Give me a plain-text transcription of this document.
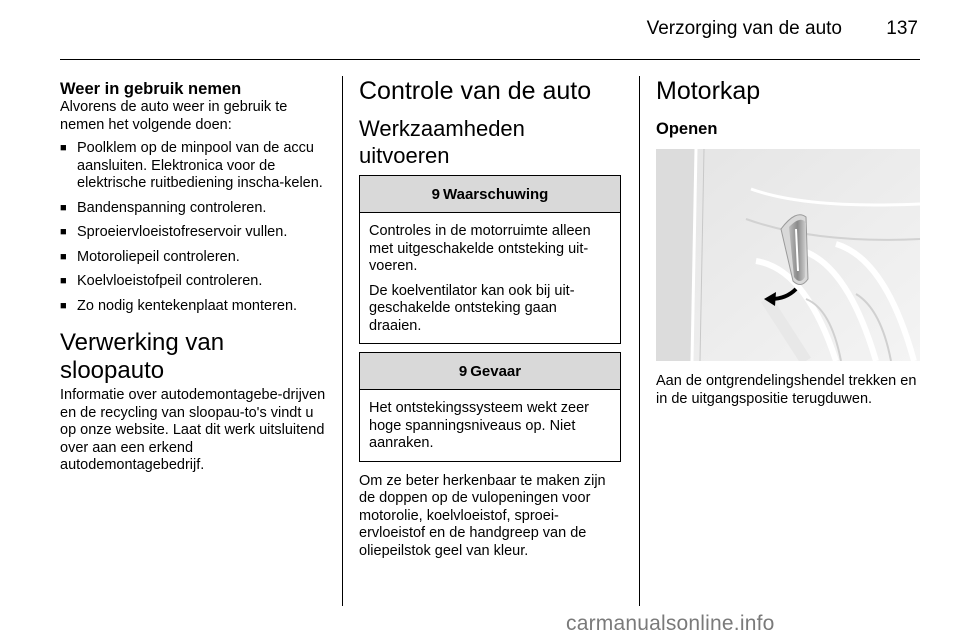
Verzorging van de auto 137
Weer in gebruik nemen

Alvorens de auto weer in gebruik te nemen het volgende doen:

■ Poolklem op de minpool van de accu aansluiten. Elektronica voor de elektrische ruitbediening inscha-kelen.
■ Bandenspanning controleren.
■ Sproeiervloeistofreservoir vullen.
■ Motoroliepeil controleren.
■ Koelvloeistofpeil controleren.
■ Zo nodig kentekenplaat monteren.
Verwerking van sloopauto

Informatie over autodemontagebe-drijven en de recycling van sloopau-to's vindt u op onze website. Laat dit werk uitsluitend over aan een erkend autodemontagebedrijf.

Controle van de auto
Werkzaamheden uitvoeren
9 Waarschuwing

Controles in de motorruimte alleen met uitgeschakelde ontsteking uit-voeren.

De koelventilator kan ook bij uit-geschakelde ontsteking gaan draaien.

9 Gevaar

Het ontstekingssysteem wekt zeer hoge spanningsniveaus op. Niet aanraken.

Om ze beter herkenbaar te maken zijn de doppen op de vulopeningen voor motorolie, koelvloeistof, sproei-ervloeistof en de handgreep van de oliepeilstok geel van kleur.

Motorkap
Openen

Aan de ontgrendelingshendel trekken en in de uitgangspositie terugduwen.

carmanualsonline.info
